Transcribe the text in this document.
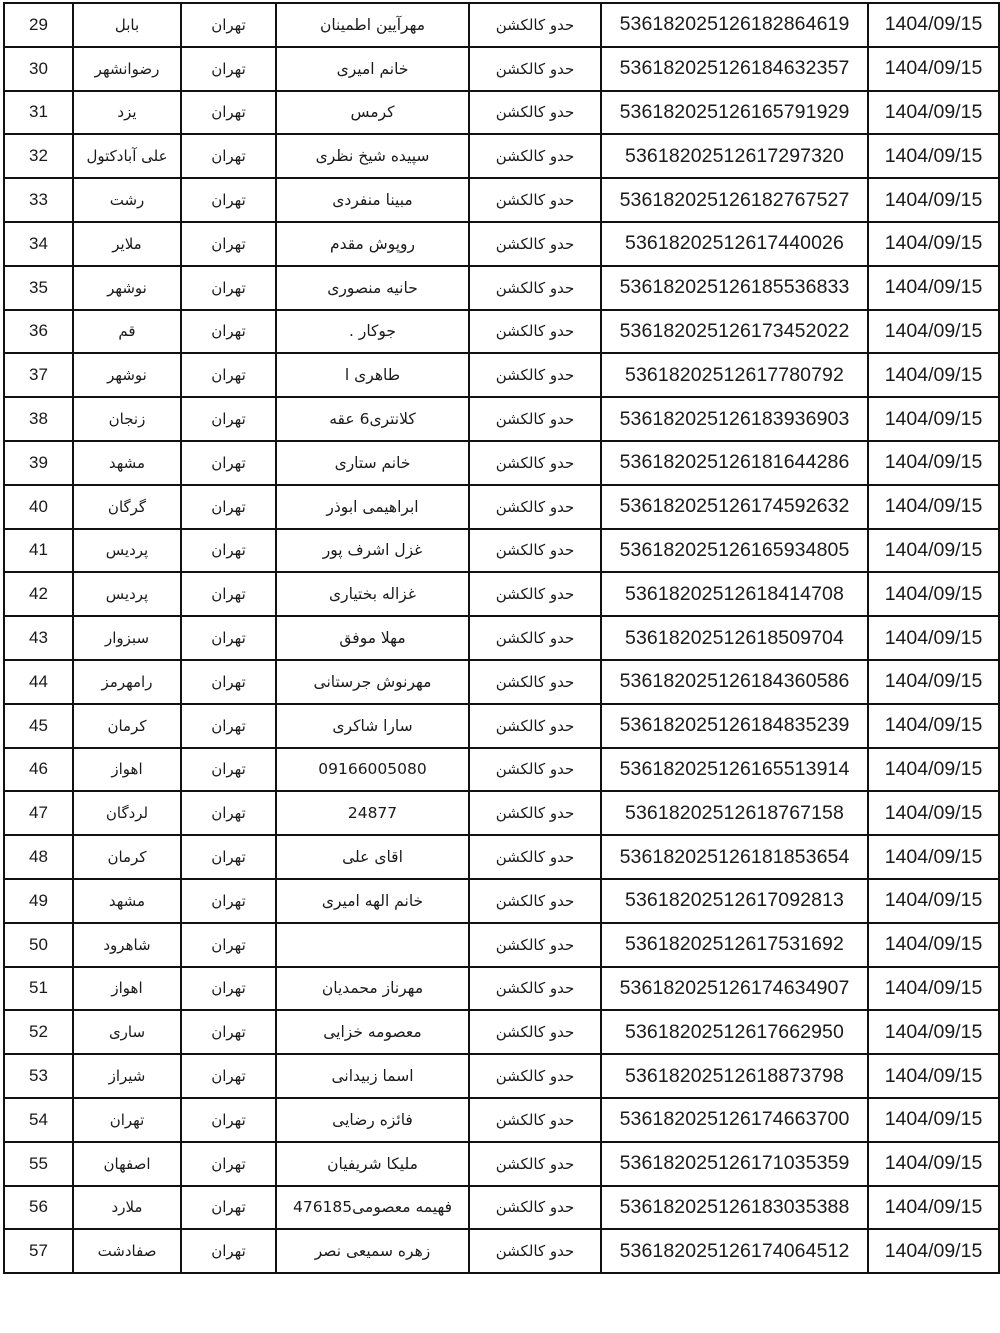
29	بابل	تهران	مهرآیین اطمینان	حدو کالکشن	536182025126182864619	1404/09/15
30	رضوانشهر	تهران	خانم امیری	حدو کالکشن	536182025126184632357	1404/09/15
31	یزد	تهران	کرمس	حدو کالکشن	536182025126165791929	1404/09/15
32	علی آبادکتول	تهران	سپیده شیخ نظری	حدو کالکشن	53618202512617297320	1404/09/15
33	رشت	تهران	مبینا منفردی	حدو کالکشن	536182025126182767527	1404/09/15
34	ملایر	تهران	روپوش مقدم	حدو کالکشن	53618202512617440026	1404/09/15
35	نوشهر	تهران	حانیه منصوری	حدو کالکشن	536182025126185536833	1404/09/15
36	قم	تهران	جوکار .	حدو کالکشن	536182025126173452022	1404/09/15
37	نوشهر	تهران	طاهری ا	حدو کالکشن	53618202512617780792	1404/09/15
38	زنجان	تهران	کلانتری6 عقه	حدو کالکشن	536182025126183936903	1404/09/15
39	مشهد	تهران	خانم ستاری	حدو کالکشن	536182025126181644286	1404/09/15
40	گرگان	تهران	ابراهیمی ابوذر	حدو کالکشن	536182025126174592632	1404/09/15
41	پردیس	تهران	غزل اشرف پور	حدو کالکشن	536182025126165934805	1404/09/15
42	پردیس	تهران	غزاله بختیاری	حدو کالکشن	53618202512618414708	1404/09/15
43	سبزوار	تهران	مهلا موفق	حدو کالکشن	53618202512618509704	1404/09/15
44	رامهرمز	تهران	مهرنوش جرستانی	حدو کالکشن	536182025126184360586	1404/09/15
45	کرمان	تهران	سارا شاکری	حدو کالکشن	536182025126184835239	1404/09/15
46	اهواز	تهران	09166005080	حدو کالکشن	536182025126165513914	1404/09/15
47	لردگان	تهران	24877	حدو کالکشن	53618202512618767158	1404/09/15
48	کرمان	تهران	اقای علی	حدو کالکشن	536182025126181853654	1404/09/15
49	مشهد	تهران	خانم الهه امیری	حدو کالکشن	53618202512617092813	1404/09/15
50	شاهرود	تهران		حدو کالکشن	53618202512617531692	1404/09/15
51	اهواز	تهران	مهرناز محمدیان	حدو کالکشن	536182025126174634907	1404/09/15
52	ساری	تهران	معصومه خزایی	حدو کالکشن	53618202512617662950	1404/09/15
53	شیراز	تهران	اسما زبیدانی	حدو کالکشن	53618202512618873798	1404/09/15
54	تهران	تهران	فائزه رضایی	حدو کالکشن	536182025126174663700	1404/09/15
55	اصفهان	تهران	ملیکا شریفیان	حدو کالکشن	536182025126171035359	1404/09/15
56	ملارد	تهران	فهیمه معصومی476185	حدو کالکشن	536182025126183035388	1404/09/15
57	صفادشت	تهران	زهره سمیعی نصر	حدو کالکشن	536182025126174064512	1404/09/15
